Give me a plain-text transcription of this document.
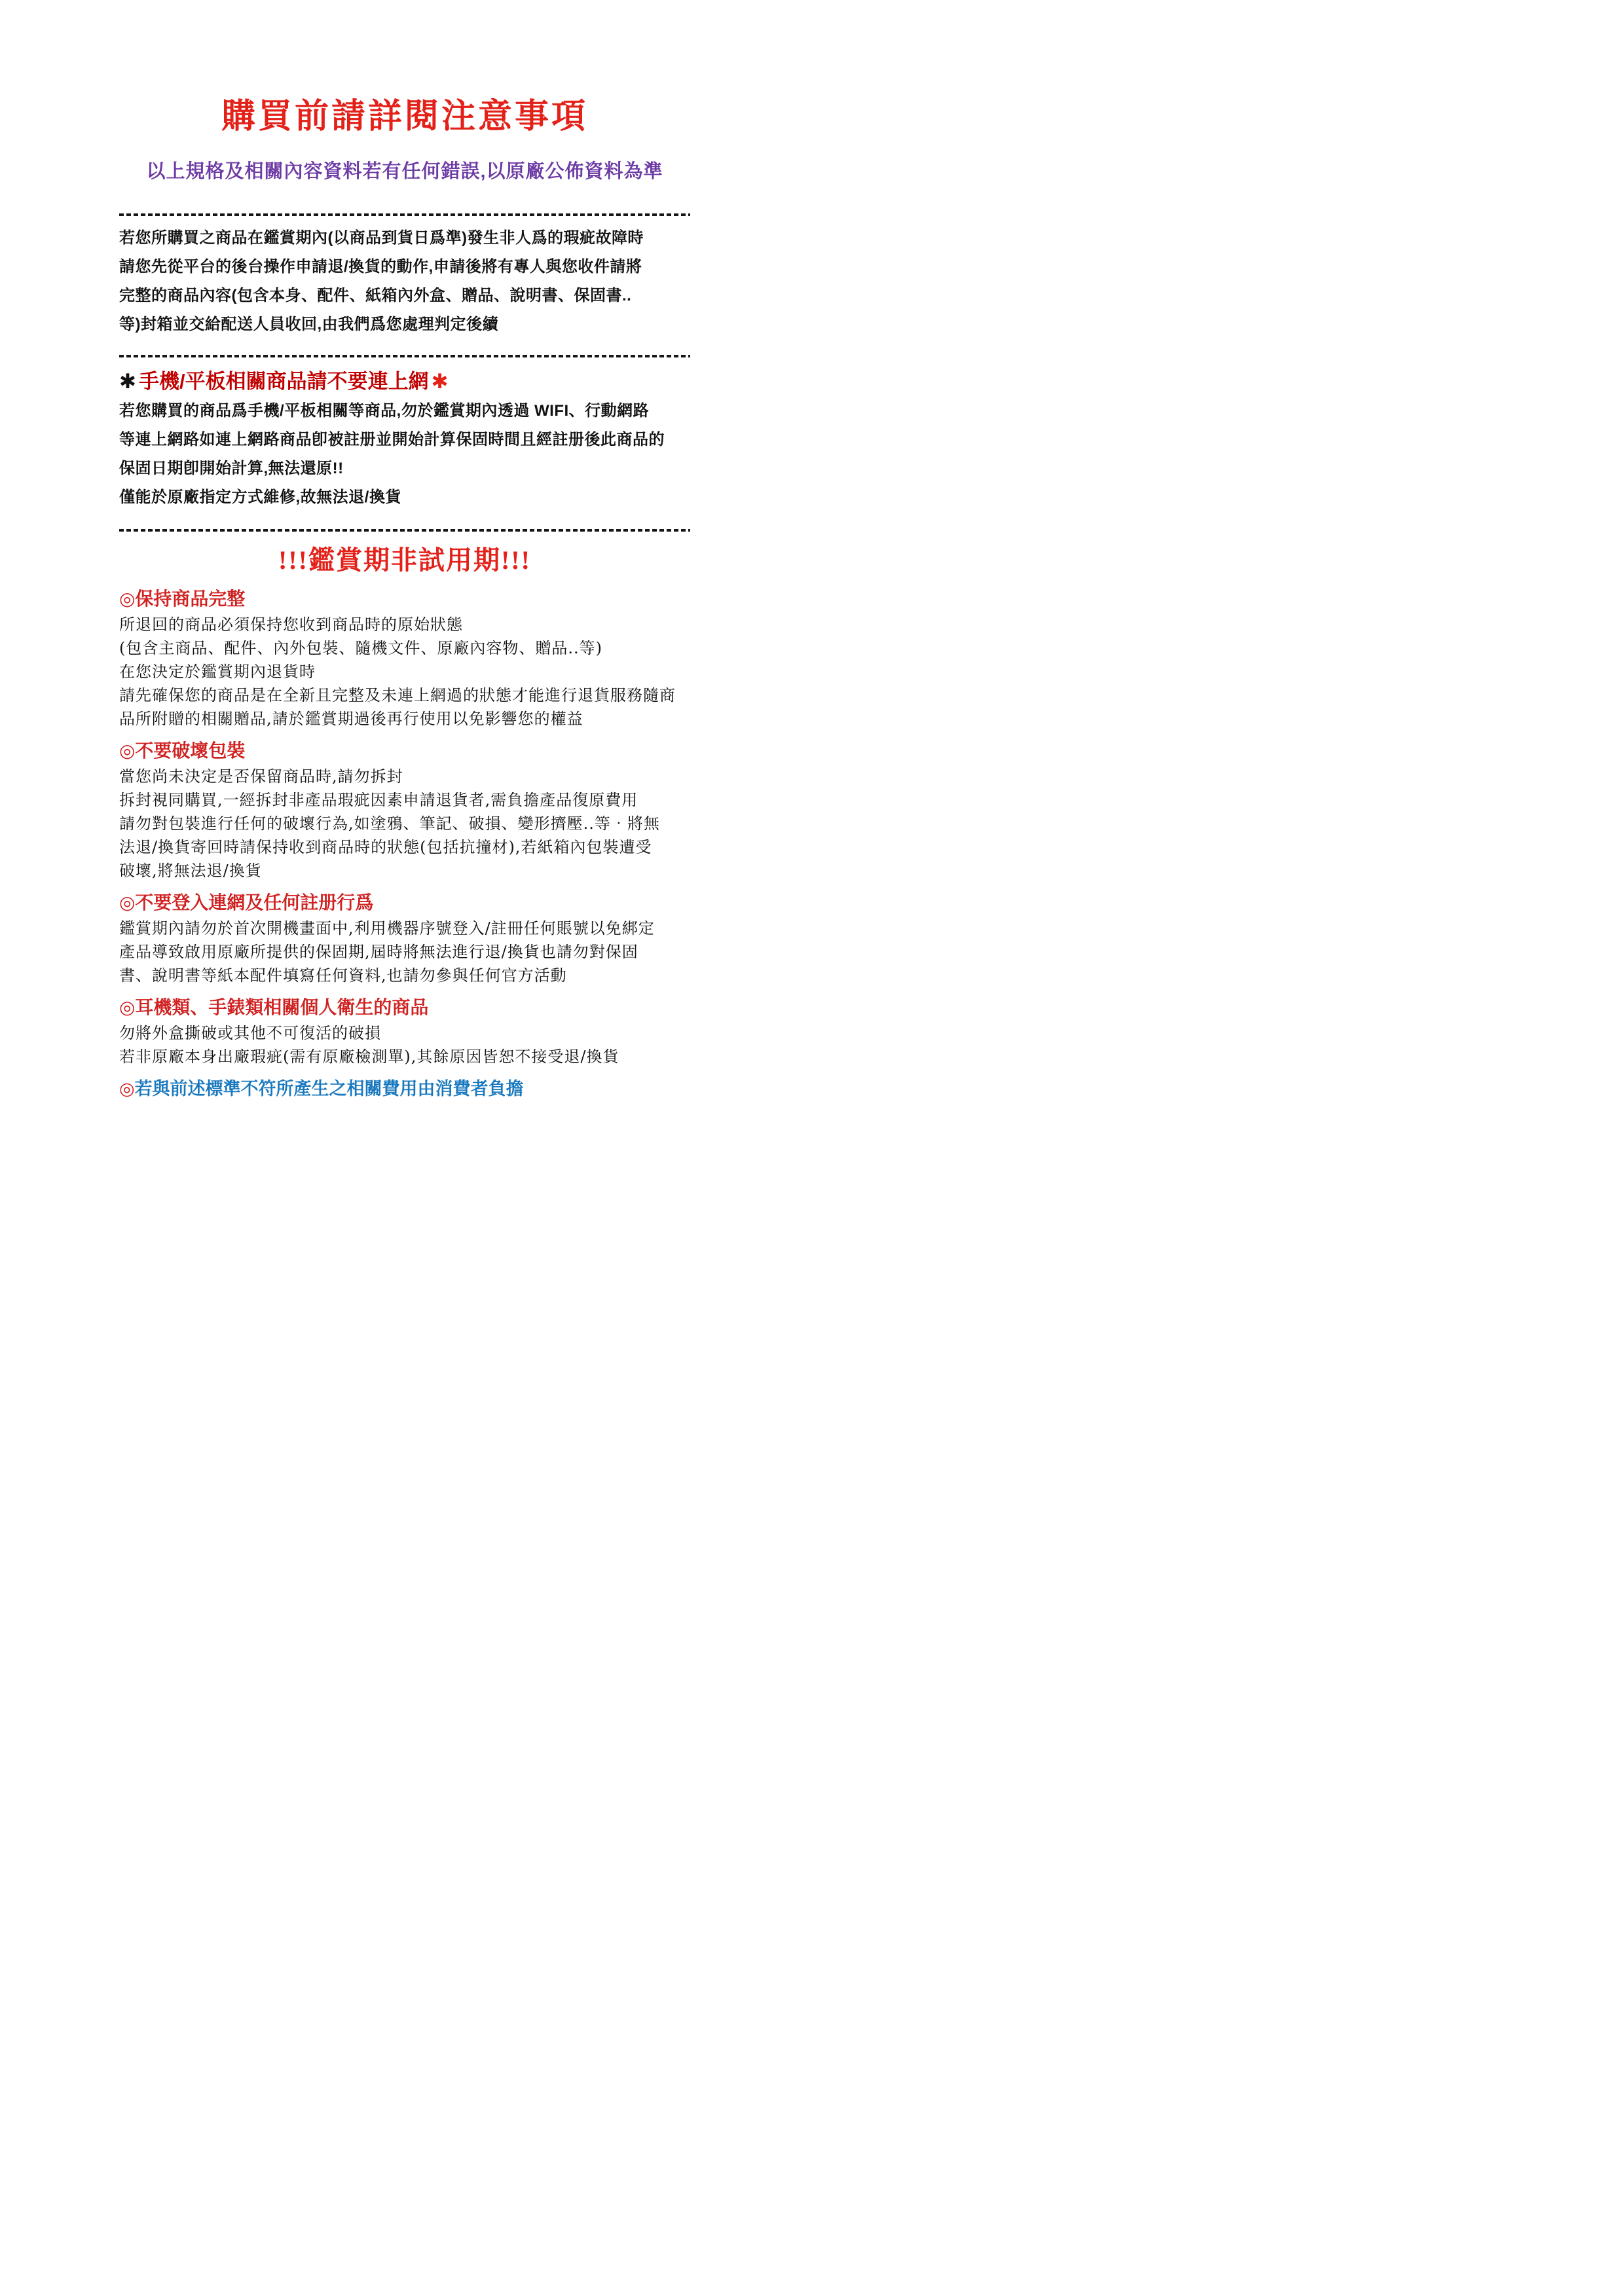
購買前請詳閱注意事項
以上規格及相關內容資料若有任何錯誤,以原廠公佈資料為準
若您所購買之商品在鑑賞期內(以商品到貨日爲準)發生非人爲的瑕疵故障時
請您先從平台的後台操作申請退/換貨的動作,申請後將有專人與您收件請將
完整的商品內容(包含本身、配件、紙箱內外盒、贈品、說明書、保固書..
等)封箱並交給配送人員收回,由我們爲您處理判定後續
✱ 手機/平板相關商品請不要連上網 ✱
若您購買的商品爲手機/平板相關等商品,勿於鑑賞期內透過 WIFI、行動網路
等連上網路如連上網路商品卽被註册並開始計算保固時間且經註册後此商品的
保固日期卽開始計算,無法還原!!
僅能於原廠指定方式維修,故無法退/換貨
!!!鑑賞期非試用期!!!
◎保持商品完整
所退回的商品必須保持您收到商品時的原始狀態
(包含主商品、配件、內外包裝、隨機文件、原廠內容物、贈品..等)
在您決定於鑑賞期內退貨時
請先確保您的商品是在全新且完整及未連上網過的狀態才能進行退貨服務隨商
品所附贈的相關贈品,請於鑑賞期過後再行使用以免影響您的權益
◎不要破壞包裝
當您尚未決定是否保留商品時,請勿拆封
拆封視同購買,一經拆封非產品瑕疵因素申請退貨者,需負擔產品復原費用
請勿對包裝進行任何的破壞行為,如塗鴉、筆記、破損、變形擠壓..等‧將無
法退/換貨寄回時請保持收到商品時的狀態(包括抗撞材),若紙箱內包裝遭受
破壞,將無法退/換貨
◎不要登入連網及任何註册行爲
鑑賞期內請勿於首次開機畫面中,利用機器序號登入/註冊任何賬號以免綁定
產品導致啟用原廠所提供的保固期,屆時將無法進行退/換貨也請勿對保固
書、說明書等紙本配件填寫任何資料,也請勿參與任何官方活動
◎耳機類、手錶類相關個人衛生的商品
勿將外盒撕破或其他不可復活的破損
若非原廠本身出廠瑕疵(需有原廠檢測單),其餘原因皆恕不接受退/換貨
◎若與前述標準不符所產生之相關費用由消費者負擔
